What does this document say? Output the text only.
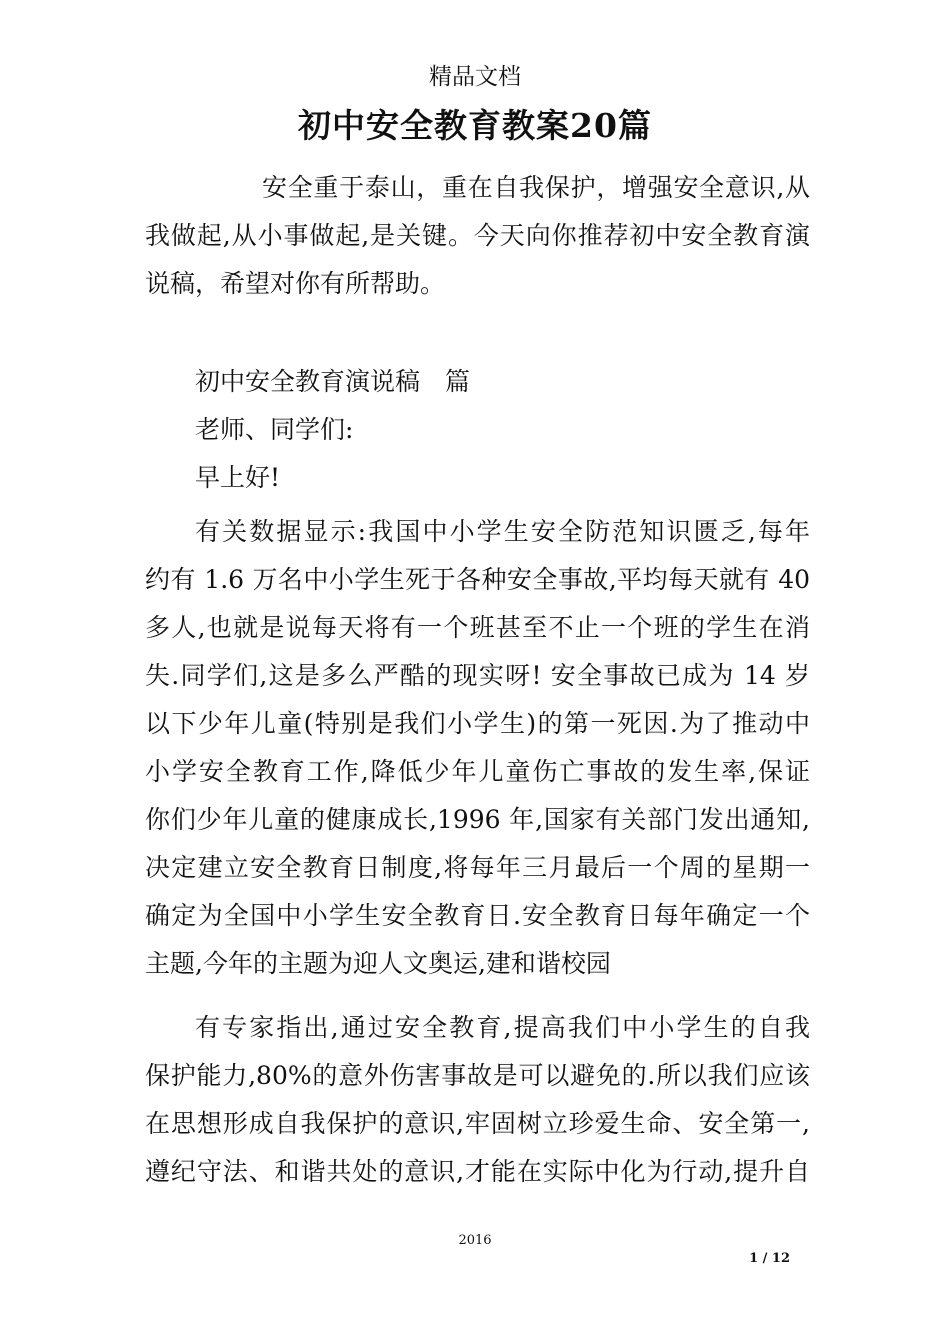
精品文档
初中安全教育教案20篇
安全重于泰山，重在自我保护，增强安全意识,从
我做起,从小事做起,是关键。今天向你推荐初中安全教育演
说稿，希望对你有所帮助。
初中安全教育演说稿　篇
老师、同学们:
早上好!
有关数据显示:我国中小学生安全防范知识匮乏,每年
约有 1.6 万名中小学生死于各种安全事故,平均每天就有 40
多人,也就是说每天将有一个班甚至不止一个班的学生在消
失.同学们,这是多么严酷的现实呀! 安全事故已成为 14 岁
以下少年儿童(特别是我们小学生)的第一死因.为了推动中
小学安全教育工作,降低少年儿童伤亡事故的发生率,保证
你们少年儿童的健康成长,1996 年,国家有关部门发出通知,
决定建立安全教育日制度,将每年三月最后一个周的星期一
确定为全国中小学生安全教育日.安全教育日每年确定一个
主题,今年的主题为迎人文奥运,建和谐校园
有专家指出,通过安全教育,提高我们中小学生的自我
保护能力,80%的意外伤害事故是可以避免的.所以我们应该
在思想形成自我保护的意识,牢固树立珍爱生命、安全第一,
遵纪守法、和谐共处的意识,才能在实际中化为行动,提升自
2016
1 / 12
